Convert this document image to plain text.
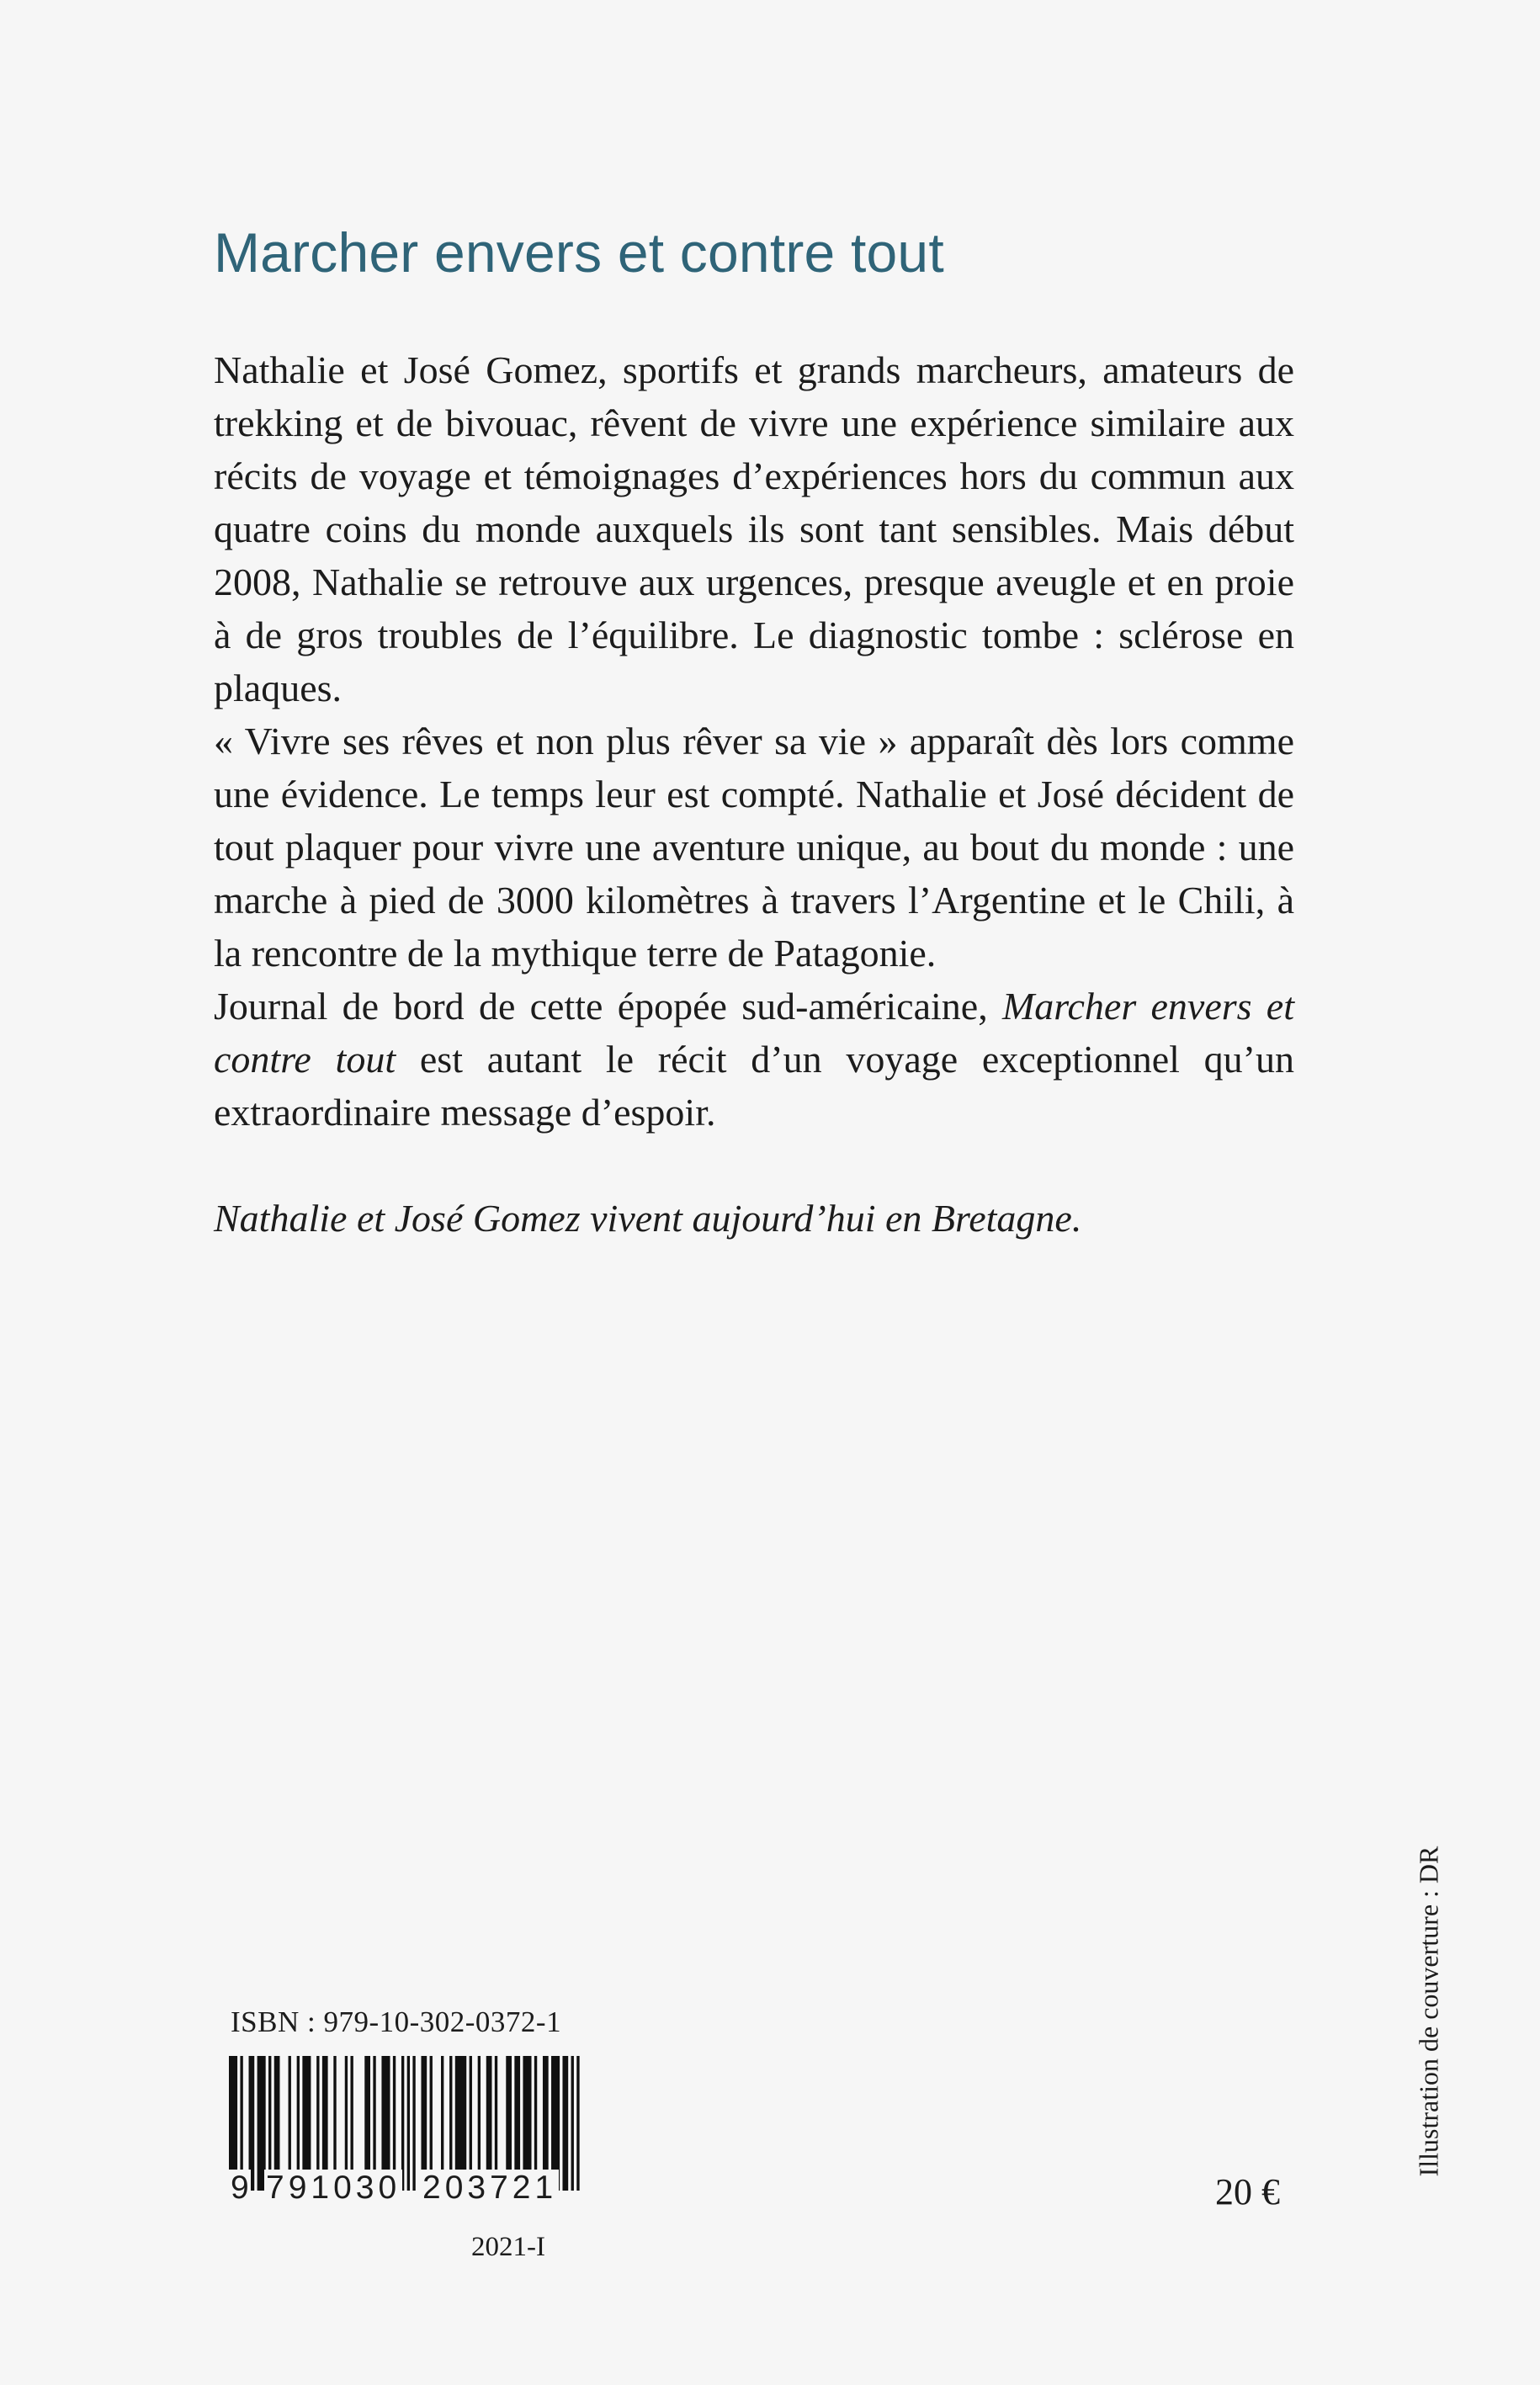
Marcher envers et contre tout

Nathalie et José Gomez, sportifs et grands marcheurs, amateurs de trekking et de bivouac, rêvent de vivre une expérience similaire aux récits de voyage et témoignages d’expériences hors du commun aux quatre coins du monde auxquels ils sont tant sensibles. Mais début 2008, Nathalie se retrouve aux urgences, presque aveugle et en proie à de gros troubles de l’équilibre. Le diagnostic tombe : sclérose en plaques.

« Vivre ses rêves et non plus rêver sa vie » apparaît dès lors comme une évidence. Le temps leur est compté. Nathalie et José décident de tout plaquer pour vivre une aventure unique, au bout du monde : une marche à pied de 3000 kilomètres à travers l’Argentine et le Chili, à la rencontre de la mythique terre de Patagonie.

Journal de bord de cette épopée sud-américaine, Marcher envers et contre tout est autant le récit d’un voyage exceptionnel qu’un extraordinaire message d’espoir.

Nathalie et José Gomez vivent aujourd’hui en Bretagne.
Illustration de couverture : DR
ISBN : 979-10-302-0372-1
9 791030 203721
2021-I
20 €
